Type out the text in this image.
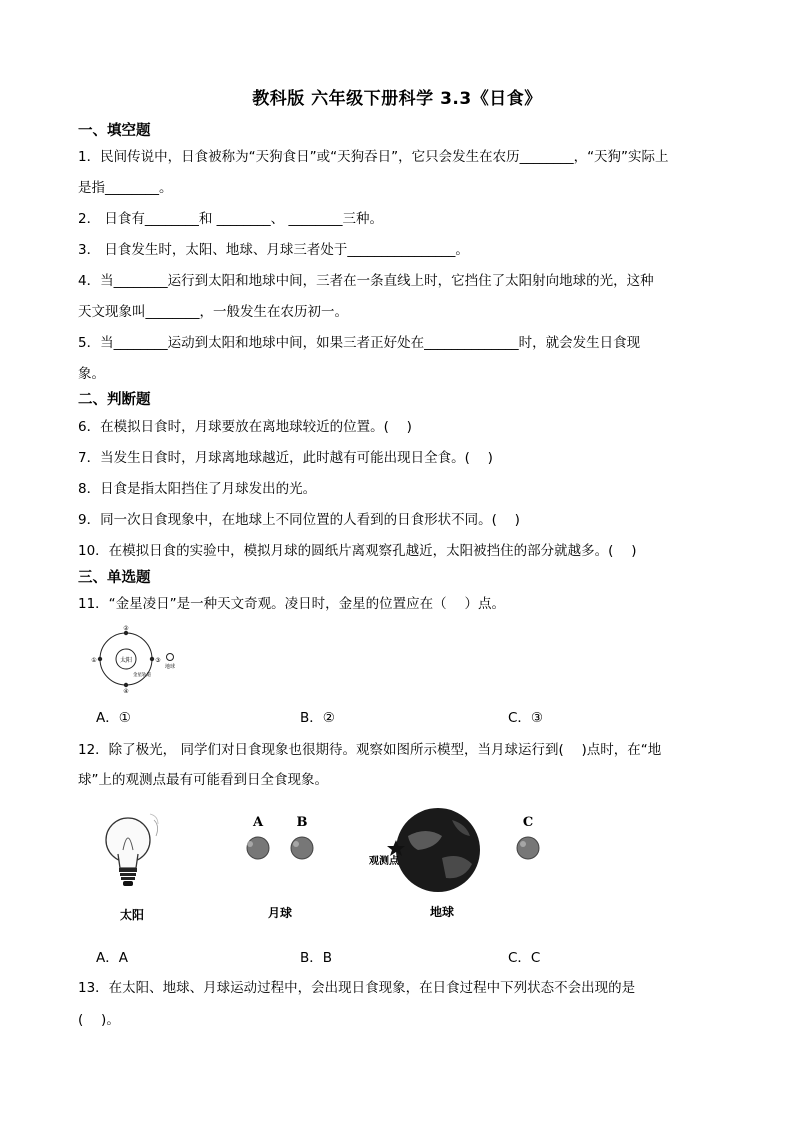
教科版 六年级下册科学 3.3《日食》
一、填空题
1．民间传说中，日食被称为“天狗食日”或“天狗吞日”，它只会发生在农历________，“天狗”实际上
是指________。
2． 日食有________和 ________、 ________三种。
3． 日食发生时，太阳、地球、月球三者处于________________。
4．当________运行到太阳和地球中间，三者在一条直线上时，它挡住了太阳射向地球的光，这种
天文现象叫________，一般发生在农历初一。
5．当________运动到太阳和地球中间，如果三者正好处在______________时，就会发生日食现
象。
二、判断题
6．在模拟日食时，月球要放在离地球较近的位置。(　 )
7．当发生日食时，月球离地球越近，此时越有可能出现日全食。(　 )
8．日食是指太阳挡住了月球发出的光。
9．同一次日食现象中，在地球上不同位置的人看到的日食形状不同。(　 )
10．在模拟日食的实验中，模拟月球的圆纸片离观察孔越近，太阳被挡住的部分就越多。(　 )
三、单选题
11．“金星凌日”是一种天文奇观。凌日时，金星的位置应在（　 ）点。
太阳
②
①	③
④
地球
金星轨道
A．①	B．②	C．③
12．除了极光， 同学们对日食现象也很期待。观察如图所示模型，当月球运行到(　 )点时，在“地
球”上的观测点最有可能看到日全食现象。
A	B	C
观测点
太阳	月球	地球
A．A	B．B	C．C
13．在太阳、地球、月球运动过程中，会出现日食现象，在日食过程中下列状态不会出现的是
(　 )。
